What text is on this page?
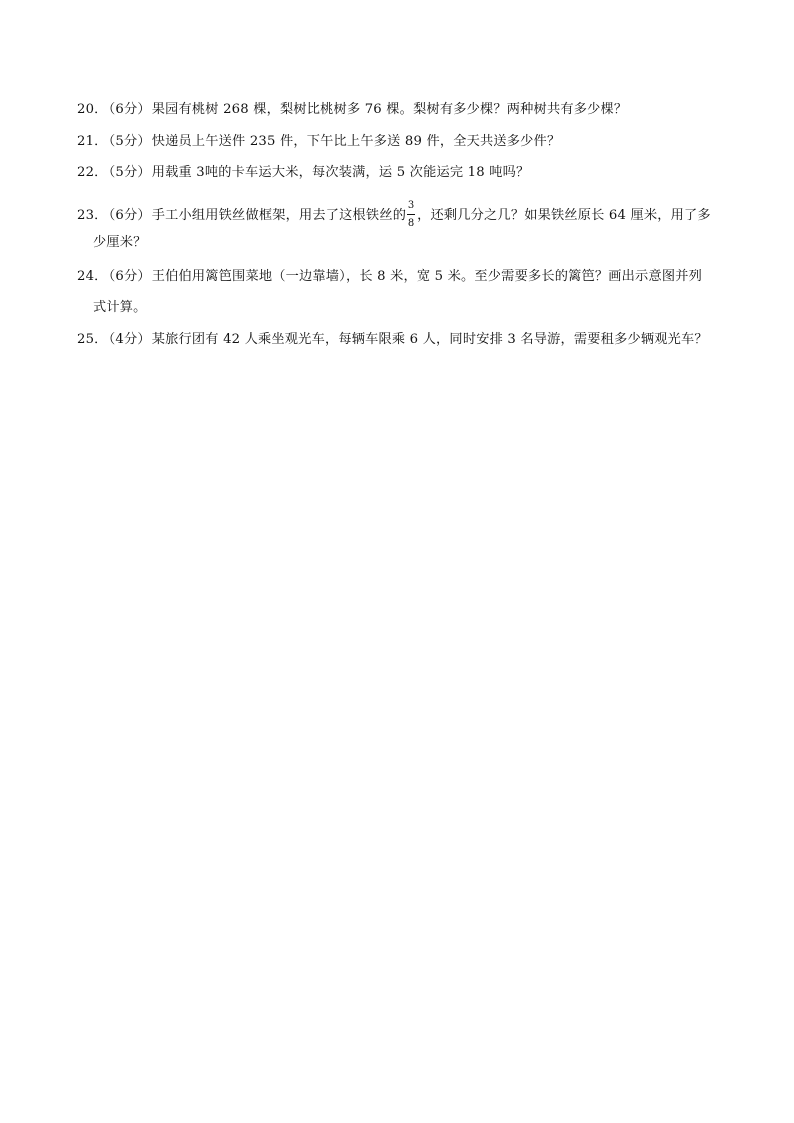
20．（6分）果园有桃树 268 棵，梨树比桃树多 76 棵。梨树有多少棵？两种树共有多少棵？
21．（5分）快递员上午送件 235 件，下午比上午多送 89 件，全天共送多少件？
22．（5分）用载重 3吨的卡车运大米，每次装满，运 5 次能运完 18 吨吗？
23．（6分）手工小组用铁丝做框架，用去了这根铁丝的 $\frac{3}{8}$ ，还剩几分之几？如果铁丝原长 64 厘米，用了多
少厘米？
24．（6分）王伯伯用篱笆围菜地（一边靠墙），长 8 米，宽 5 米。至少需要多长的篱笆？画出示意图并列
式计算。
25．（4分）某旅行团有 42 人乘坐观光车，每辆车限乘 6 人，同时安排 3 名导游，需要租多少辆观光车？
